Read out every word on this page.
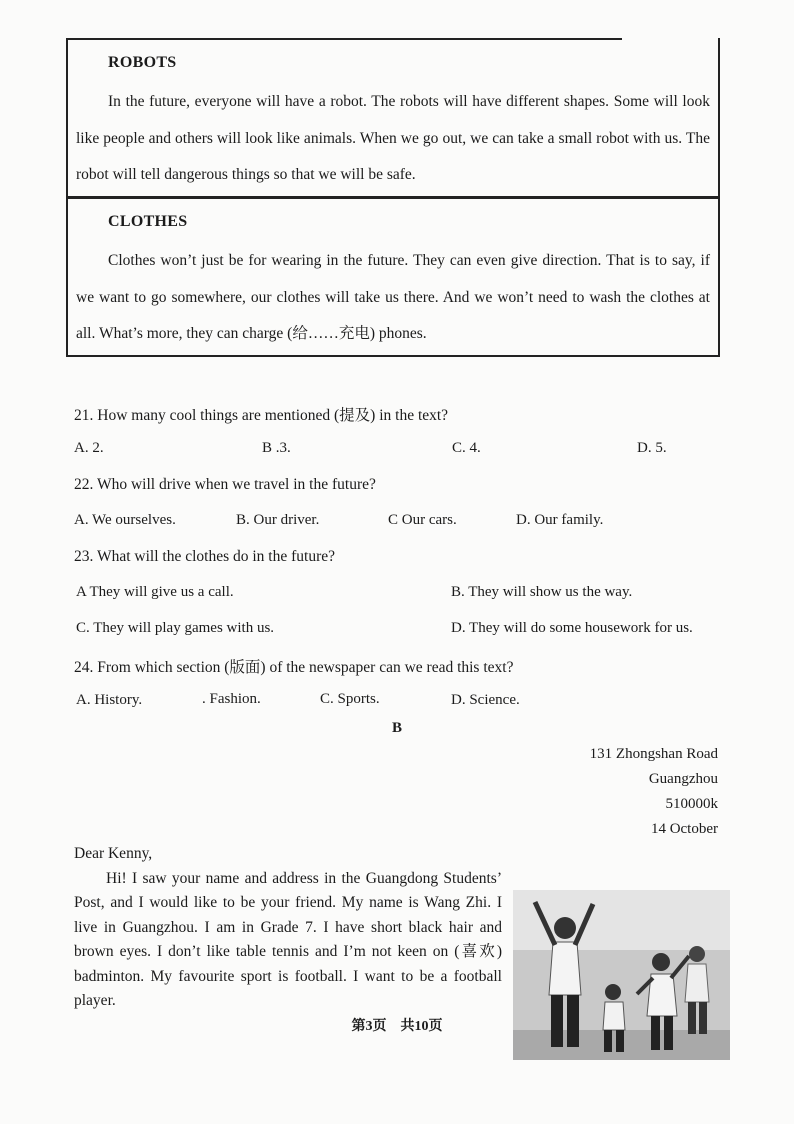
ROBOTS

In the future, everyone will have a robot. The robots will have different shapes. Some will look like people and others will look like animals. When we go out, we can take a small robot with us. The robot will tell dangerous things so that we will be safe.

CLOTHES

Clothes won’t just be for wearing in the future. They can even give direction. That is to say, if we want to go somewhere, our clothes will take us there. And we won’t need to wash the clothes at all. What’s more, they can charge (给……充电) phones.

21. How many cool things are mentioned (提及) in the text?
A. 2.	B .3.	C. 4.	D. 5.
22. Who will drive when we travel in the future?
A. We ourselves.	B. Our driver.	C Our cars.	D. Our family.
23. What will the clothes do in the future?
A They will give us a call.	B. They will show us the way.
C. They will play games with us.	D. They will do some housework for us.
24. From which section (版面) of the newspaper can we read this text?
A. History.	. Fashion.	C. Sports.	D. Science.
B
131 Zhongshan Road
Guangzhou
510000k
14 October

Dear Kenny,

Hi! I saw your name and address in the Guangdong Students’ Post, and I would like to be your friend. My name is Wang Zhi. I live in Guangzhou. I am in Grade 7. I have short black hair and brown eyes. I don’t like table tennis and I’m not keen on (喜欢) badminton. My favourite sport is football. I want to be a football player.

第3页　共10页
